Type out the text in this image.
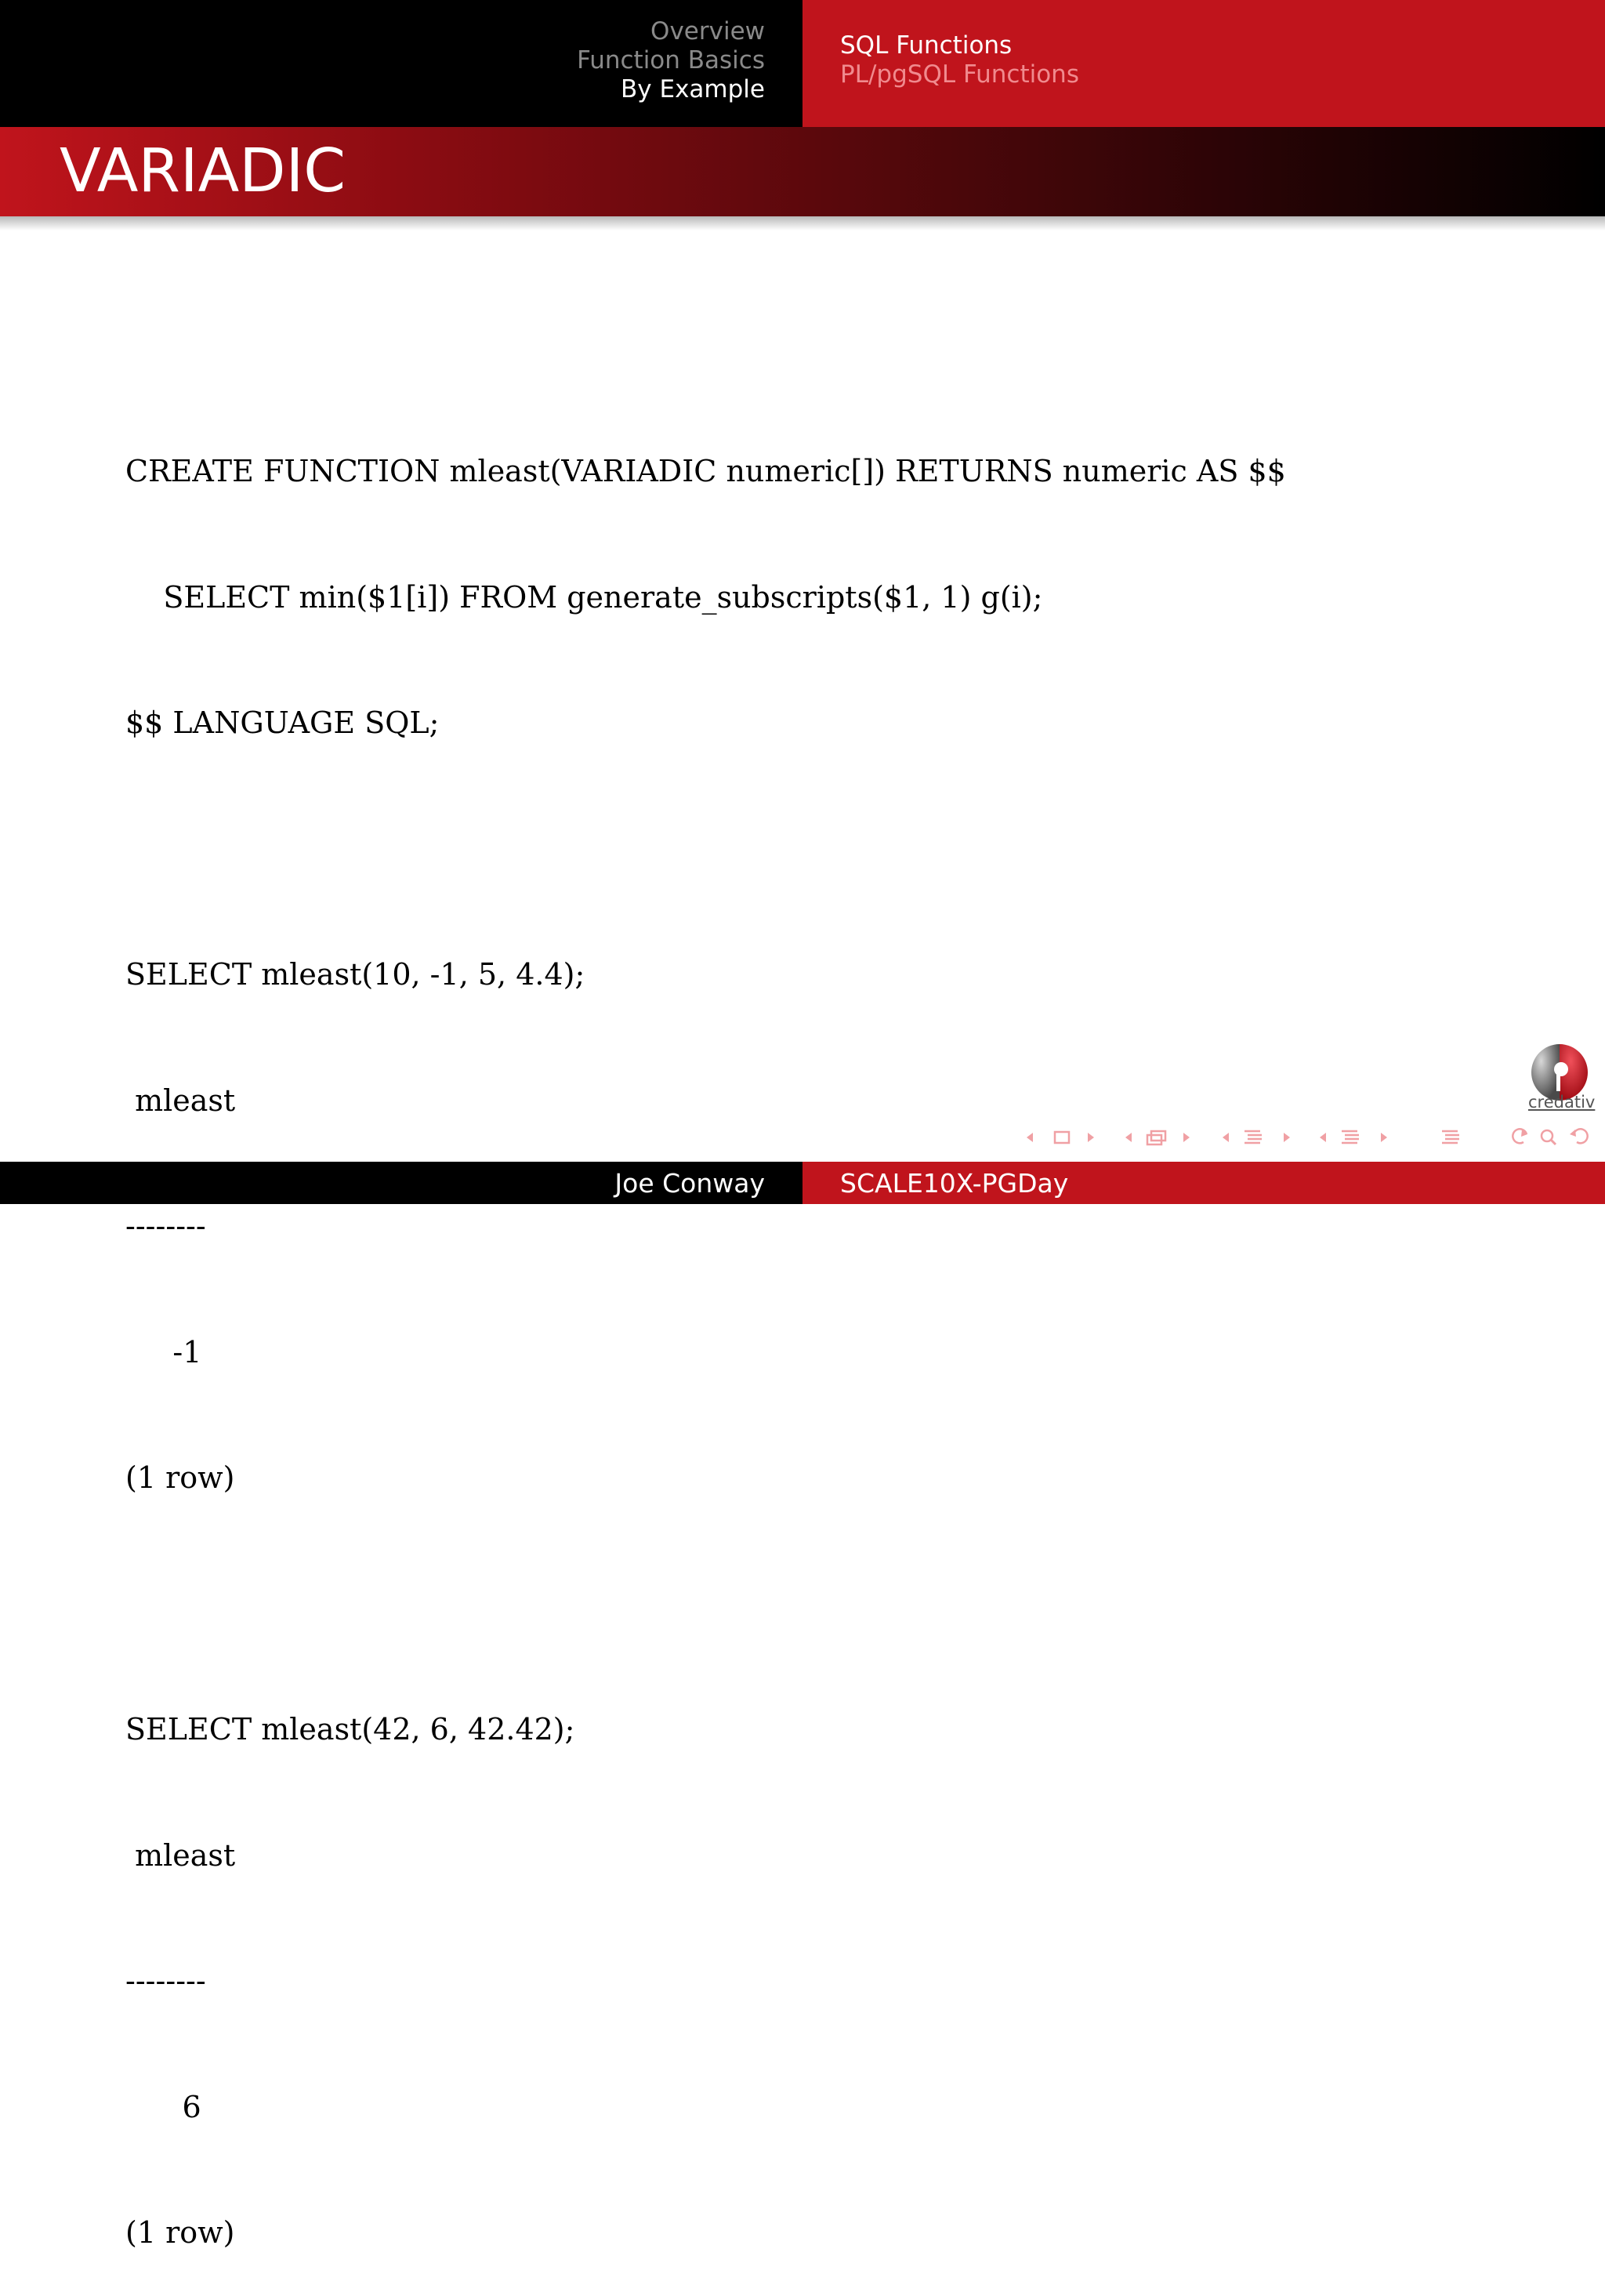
Overview
Function Basics
By Example
SQL Functions
PL/pgSQL Functions
VARIADIC

CREATE FUNCTION mleast(VARIADIC numeric[]) RETURNS numeric AS $$

SELECT min($1[i]) FROM generate_subscripts($1, 1) g(i);

$$ LANGUAGE SQL;

SELECT mleast(10, -1, 5, 4.4);

mleast

--------

-1

(1 row)

SELECT mleast(42, 6, 42.42);

mleast

--------

6

(1 row)

credativ
Joe Conway	SCALE10X-PGDay
